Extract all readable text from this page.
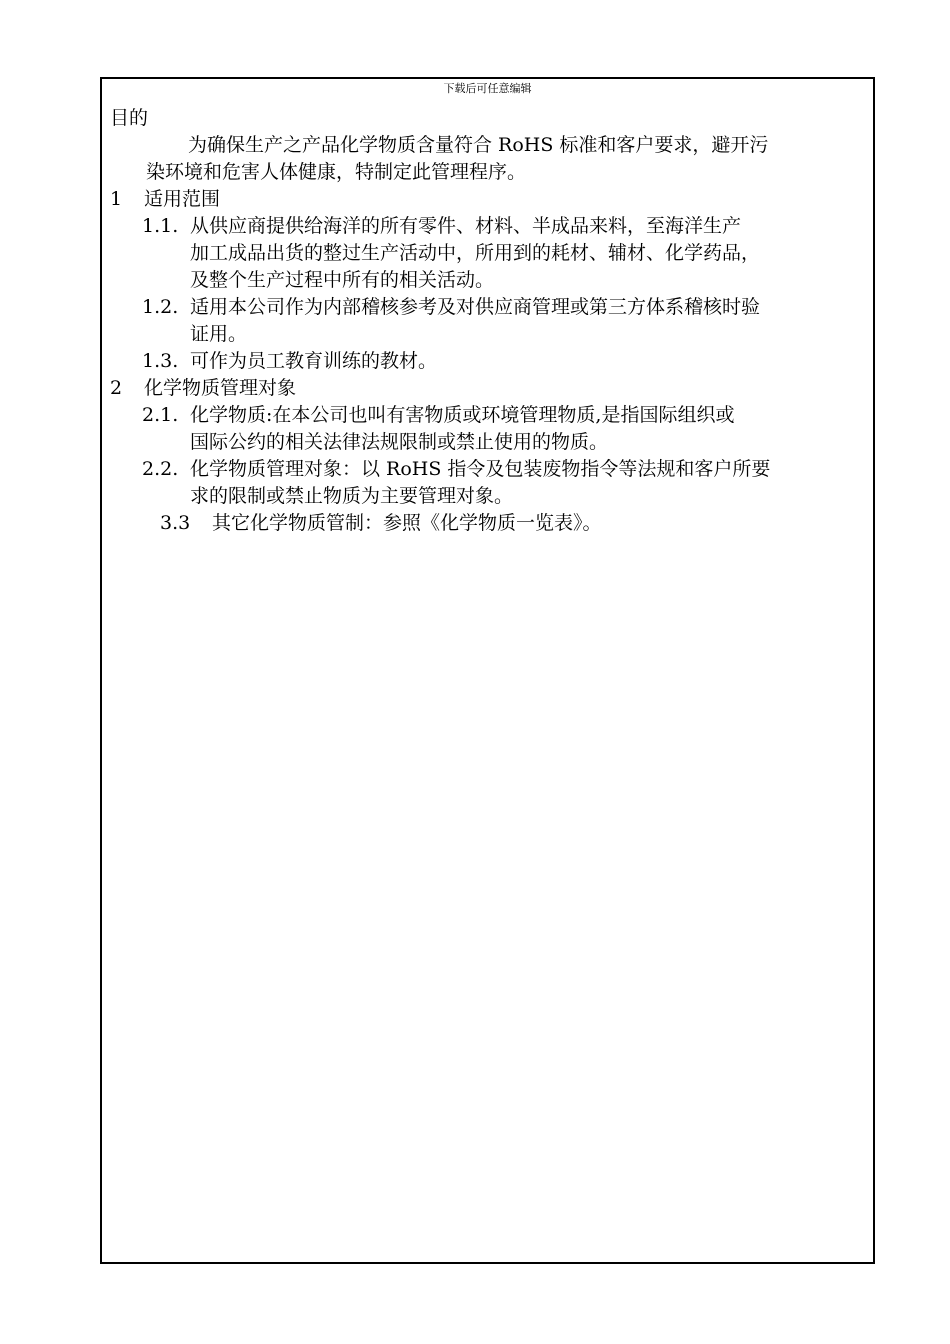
下载后可任意编辑

目的

为确保生产之产品化学物质含量符合 RoHS 标准和客户要求，避开污

染环境和危害人体健康，特制定此管理程序。

1 适用范围

1.1. 从供应商提供给海洋的所有零件、材料、半成品来料，至海洋生产

加工成品出货的整过生产活动中，所用到的耗材、辅材、化学药品，

及整个生产过程中所有的相关活动。

1.2. 适用本公司作为内部稽核参考及对供应商管理或第三方体系稽核时验

证用。

1.3. 可作为员工教育训练的教材。

2 化学物质管理对象

2.1. 化学物质:在本公司也叫有害物质或环境管理物质,是指国际组织或

国际公约的相关法律法规限制或禁止使用的物质。

2.2. 化学物质管理对象：以 RoHS 指令及包装废物指令等法规和客户所要

求的限制或禁止物质为主要管理对象。

3.3 其它化学物质管制：参照《化学物质一览表》。
